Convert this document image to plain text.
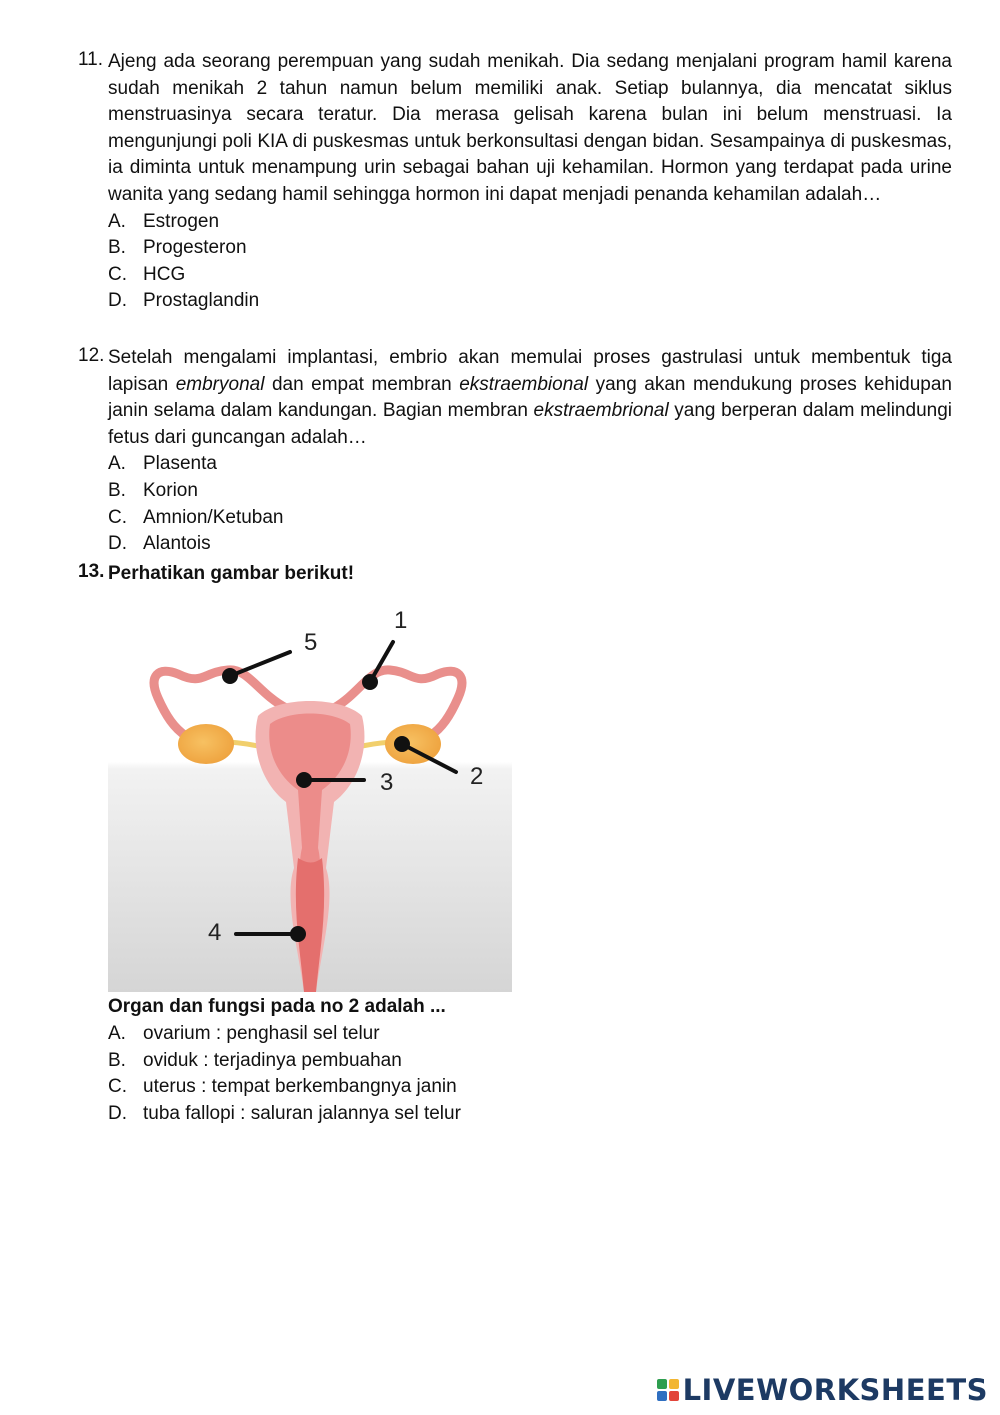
11. Ajeng ada seorang perempuan yang sudah menikah. Dia sedang menjalani program hamil karena sudah menikah 2 tahun namun belum memiliki anak. Setiap bulannya, dia mencatat siklus menstruasinya secara teratur. Dia merasa gelisah karena bulan ini belum menstruasi. Ia mengunjungi poli KIA di puskesmas untuk berkonsultasi dengan bidan. Sesampainya di puskesmas, ia diminta untuk menampung urin sebagai bahan uji kehamilan. Hormon yang terdapat pada urine wanita yang sedang hamil sehingga hormon ini dapat menjadi penanda kehamilan adalah…
A. Estrogen
B. Progesteron
C. HCG
D. Prostaglandin
12. Setelah mengalami implantasi, embrio akan memulai proses gastrulasi untuk membentuk tiga lapisan embryonal dan empat membran ekstraembional yang akan mendukung proses kehidupan janin selama dalam kandungan. Bagian membran ekstraembrional yang berperan dalam melindungi fetus dari guncangan adalah…
A. Plasenta
B. Korion
C. Amnion/Ketuban
D. Alantois
13. Perhatikan gambar berikut!
1
2
3
4
5
Organ dan fungsi pada no 2 adalah ...
A. ovarium : penghasil sel telur
B. oviduk : terjadinya pembuahan
C. uterus : tempat berkembangnya janin
D. tuba fallopi : saluran jalannya sel telur
LIVEWORKSHEETS
